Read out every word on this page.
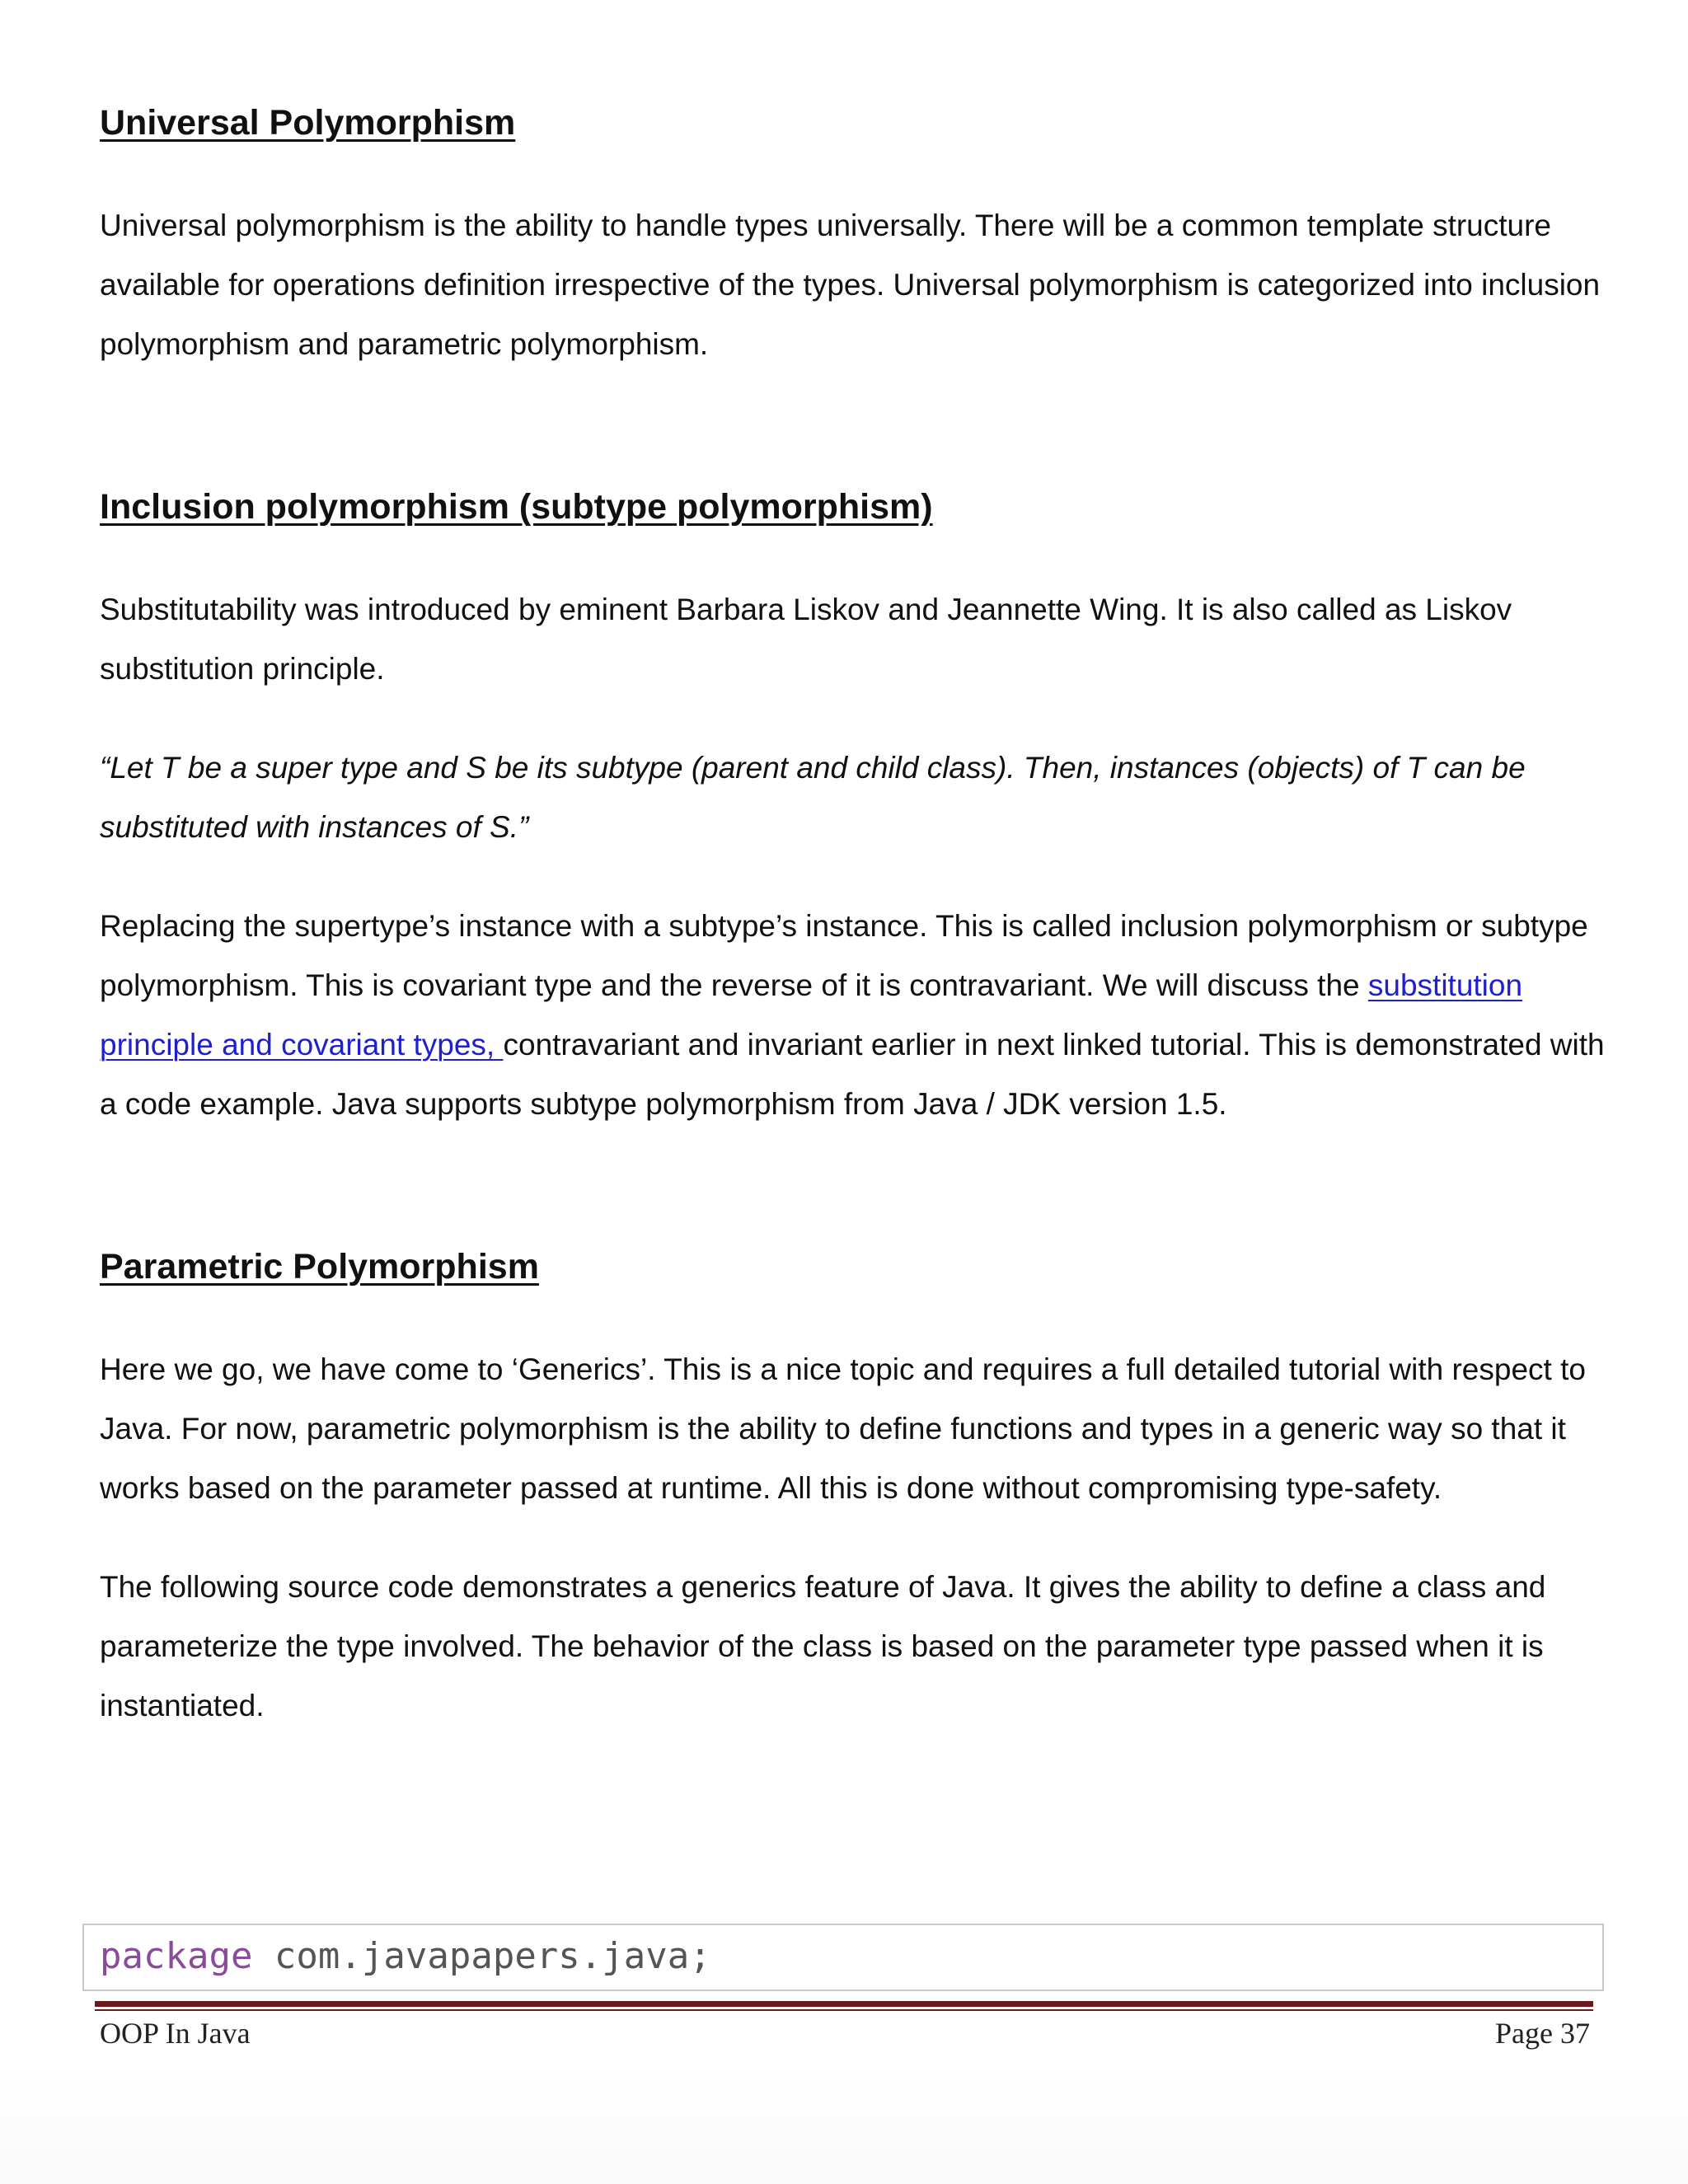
Universal Polymorphism

Universal polymorphism is the ability to handle types universally. There will be a common template structure available for operations definition irrespective of the types. Universal polymorphism is categorized into inclusion polymorphism and parametric polymorphism.

Inclusion polymorphism (subtype polymorphism)

Substitutability was introduced by eminent Barbara Liskov and Jeannette Wing. It is also called as Liskov substitution principle.

“Let T be a super type and S be its subtype (parent and child class). Then, instances (objects) of T can be substituted with instances of S.”

Replacing the supertype’s instance with a subtype’s instance. This is called inclusion polymorphism or subtype polymorphism. This is covariant type and the reverse of it is contravariant. We will discuss the substitution principle and covariant types, contravariant and invariant earlier in next linked tutorial. This is demonstrated with a code example. Java supports subtype polymorphism from Java / JDK version 1.5.

Parametric Polymorphism

Here we go, we have come to ‘Generics’. This is a nice topic and requires a full detailed tutorial with respect to Java. For now, parametric polymorphism is the ability to define functions and types in a generic way so that it works based on the parameter passed at runtime. All this is done without compromising type-safety.

The following source code demonstrates a generics feature of Java. It gives the ability to define a class and parameterize the type involved. The behavior of the class is based on the parameter type passed when it is instantiated.

package com.javapapers.java;
OOP In Java	Page 37
